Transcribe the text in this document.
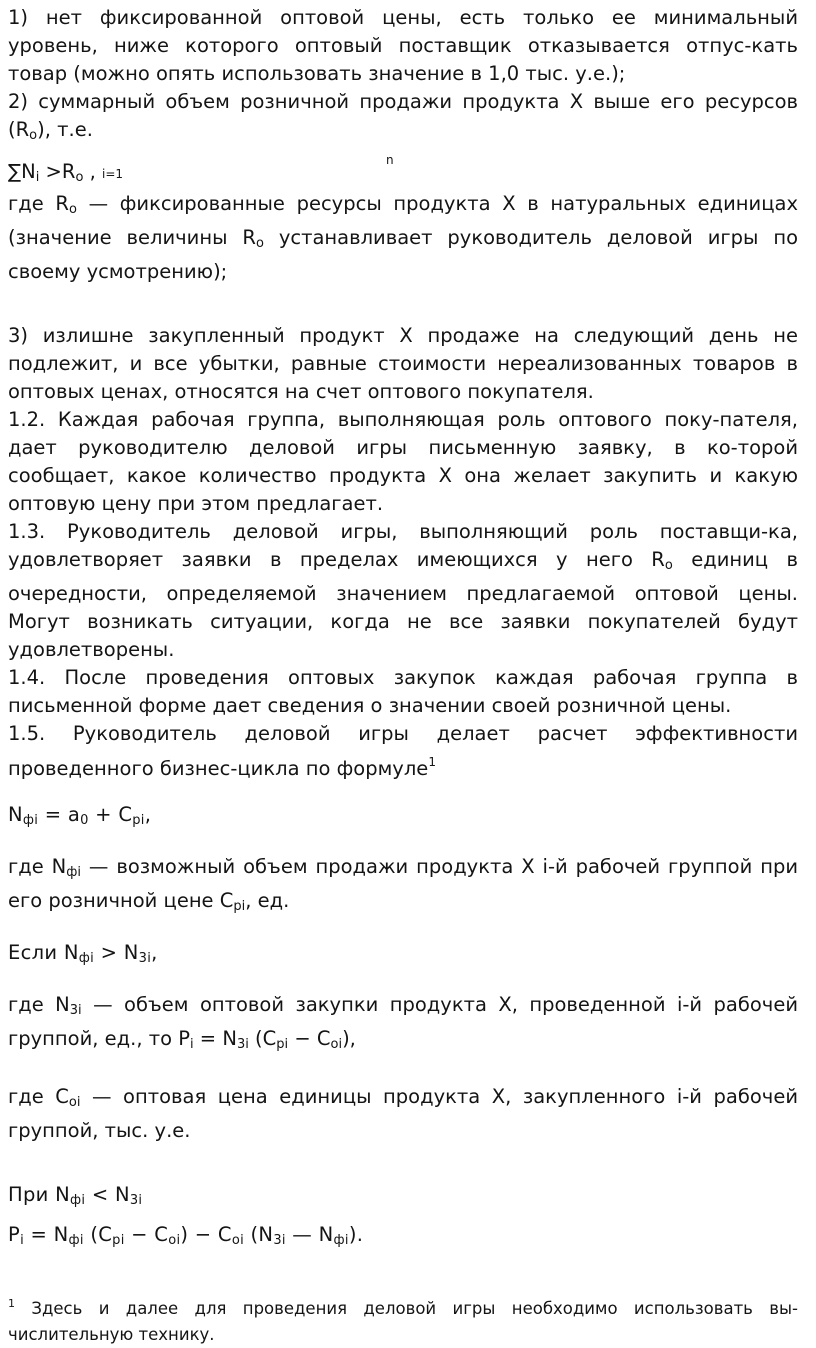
1) нет фиксированной оптовой цены, есть только ее минимальный уровень, ниже которого оптовый поставщик отказывается отпус-кать товар (можно опять использовать значение в 1,0 тыс. у.е.);

2) суммарный объем розничной продажи продукта Х выше его ресурсов $(R_о)$, т.е.

n
$\sum N_i >R_o$ , i=1

где $R_о$ — фиксированные ресурсы продукта Х в натуральных единицах (значение величины $R_о$ устанавливает руководитель деловой игры по своему усмотрению);

3) излишне закупленный продукт Х продаже на следующий день не подлежит, и все убытки, равные стоимости нереализованных товаров в оптовых ценах, относятся на счет оптового покупателя.

1.2. Каждая рабочая группа, выполняющая роль оптового поку-пателя, дает руководителю деловой игры письменную заявку, в ко-торой сообщает, какое количество продукта Х она желает закупить и какую оптовую цену при этом предлагает.

1.3. Руководитель деловой игры, выполняющий роль поставщи-ка, удовлетворяет заявки в пределах имеющихся у него $R_о$ единиц в очередности, определяемой значением предлагаемой оптовой цены. Могут возникать ситуации, когда не все заявки покупателей будут удовлетворены.

1.4. После проведения оптовых закупок каждая рабочая группа в письменной форме дает сведения о значении своей розничной цены.

1.5. Руководитель деловой игры делает расчет эффективности проведенного бизнес-цикла по формуле$^1$

$N_{фi} = a_0 + C_{pi}$,

где $N_{фi}$ — возможный объем продажи продукта Х i-й рабочей группой при его розничной цене $C_{pi}$, ед.

Если $N_{фi} > N_{3i}$,

где $N_{3i}$ — объем оптовой закупки продукта Х, проведенной i-й рабочей группой, ед., то $P_i = N_{3i}$ $(C_{pi} - C_{oi})$,

где $C_{oi}$ — оптовая цена единицы продукта Х, закупленного i-й рабочей группой, тыс. у.е.

При $N_{фi} < N_{3i}$

$P_i = N_{фi}$ $(C_{pi} - C_{oi}) - C_{oi}$ ($N_{3i}$ — $N_{фi}$).

$^1$ Здесь и далее для проведения деловой игры необходимо использовать вы-числительную технику.
